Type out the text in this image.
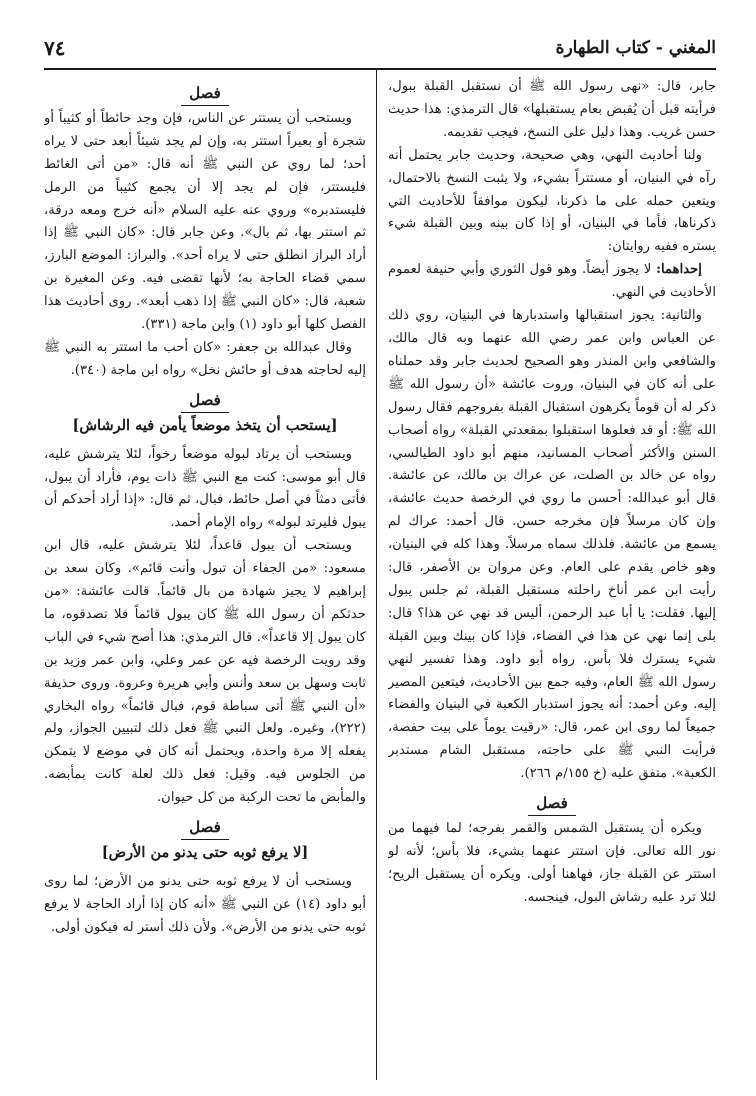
المغني - كتاب الطهارة
٧٤

جابر، قال: «نهى رسول الله ﷺ أن نستقبل القبلة ببول، فرأيته قبل أن يُقبض بعام يستقبلها» قال الترمذي: هذا حديث حسن غريب. وهذا دليل على النسخ، فيجب تقديمه.

ولنا أحاديث النهي، وهي صحيحة، وحديث جابر يحتمل أنه رآه في البنيان، أو مستتراً بشيء، ولا يثبت النسخ بالاحتمال، ويتعين حمله على ما ذكرنا، ليكون موافقاً للأحاديث التي ذكرناها، فأما في البنيان، أو إذا كان بينه وبين القبلة شيء يستره ففيه روايتان:

إحداهما: لا يجوز أيضاً. وهو قول الثوري وأبي حنيفة لعموم الأحاديث في النهي.

والثانية: يجوز استقبالها واستدبارها في البنيان، روي ذلك عن العباس وابن عمر رضي الله عنهما وبه قال مالك، والشافعي وابن المنذر وهو الصحيح لحديث جابر وقد حملناه على أنه كان في البنيان، وروت عائشة «أن رسول الله ﷺ ذكر له أن قوماً يكرهون استقبال القبلة بفروجهم فقال رسول الله ﷺ: أو قد فعلوها استقبلوا بمقعدتي القبلة» رواه أصحاب السنن والأكثر أصحاب المسانيد، منهم أبو داود الطيالسي، رواه عن خالد بن الصلت، عن عراك بن مالك، عن عائشة. قال أبو عبدالله: أحسن ما روي في الرخصة حديث عائشة، وإن كان مرسلاً فإن مخرجه حسن. قال أحمد: عراك لم يسمع من عائشة. فلذلك سماه مرسلاً. وهذا كله في البنيان، وهو خاص يقدم على العام. وعن مروان بن الأصفر، قال: رأيت ابن عمر أناخ راحلته مستقبل القبلة، ثم جلس يبول إليها. فقلت: يا أبا عبد الرحمن، أليس قد نهي عن هذا؟ قال: بلى إنما نهي عن هذا في الفضاء، فإذا كان بينك وبين القبلة شيء يسترك فلا بأس. رواه أبو داود. وهذا تفسير لنهي رسول الله ﷺ العام، وفيه جمع بين الأحاديث، فيتعين المصير إليه. وعن أحمد: أنه يجوز استدبار الكعبة في البنيان والفضاء جميعاً لما روى ابن عمر، قال: «رقيت يوماً على بيت حفصة، فرأيت النبي ﷺ على حاجته، مستقبل الشام مستدبر الكعبة». متفق عليه (خ ١٥٥/م ٢٦٦).

فصل

ويكره أن يستقبل الشمس والقمر بفرجه؛ لما فيهما من نور الله تعالى. فإن استتر عنهما بشيء، فلا بأس؛ لأنه لو استتر عن القبلة جاز، فهاهنا أولى. ويكره أن يستقبل الريح؛ لئلا ترد عليه رشاش البول، فينجسه.

فصل

ويستحب أن يستتر عن الناس، فإن وجد حائطاً أو كثيباً أو شجرة أو بعيراً استتر به، وإن لم يجد شيئاً أبعد حتى لا يراه أحد؛ لما روي عن النبي ﷺ أنه قال: «من أتى الغائط فليستتر، فإن لم يجد إلا أن يجمع كثيباً من الرمل فليستدبره» وروي عنه عليه السلام «أنه خرج ومعه درقة، ثم استتر بها، ثم بال». وعن جابر قال: «كان النبي ﷺ إذا أراد البراز انطلق حتى لا يراه أحد». والبراز: الموضع البارز، سمي قضاء الحاجة به؛ لأنها تقضى فيه. وعن المغيرة بن شعبة، قال: «كان النبي ﷺ إذا ذهب أبعد». روى أحاديث هذا الفصل كلها أبو داود (١) وابن ماجة (٣٣١).

وقال عبدالله بن جعفر: «كان أحب ما استتر به النبي ﷺ إليه لحاجته هدف أو حائش نخل» رواه ابن ماجة (٣٤٠).

فصل
[يستحب أن يتخذ موضعاً يأمن فيه الرشاش]

ويستحب أن يرتاد لبوله موضعاً رخواً، لئلا يترشش عليه، قال أبو موسى: كنت مع النبي ﷺ ذات يوم، فأراد أن يبول، فأتى دمثاً في أصل حائط، فبال، ثم قال: «إذا أراد أحدكم أن يبول فليرتد لبوله» رواه الإمام أحمد.

ويستحب أن يبول قاعداً، لئلا يترشش عليه، قال ابن مسعود: «من الجفاء أن تبول وأنت قائم». وكان سعد بن إبراهيم لا يجيز شهادة من بال قائماً. قالت عائشة: «من حدثكم أن رسول الله ﷺ كان يبول قائماً فلا تصدقوه، ما كان يبول إلا قاعداً». قال الترمذي: هذا أصح شيء في الباب وقد رويت الرخصة فيه عن عمر وعلي، وابن عمر وزيد بن ثابت وسهل بن سعد وأنس وأبي هريرة وعروة. وروى حذيفة «أن النبي ﷺ أتى سباطة قوم، فبال قائماً» رواه البخاري (٢٢٢)، وغيره. ولعل النبي ﷺ فعل ذلك لتبيين الجواز، ولم يفعله إلا مرة واحدة، ويحتمل أنه كان في موضع لا يتمكن من الجلوس فيه. وقيل: فعل ذلك لعلة كانت بمأبضه. والمأبض ما تحت الركبة من كل حيوان.

فصل
[لا يرفع ثوبه حتى يدنو من الأرض]

ويستحب أن لا يرفع ثوبه حتى يدنو من الأرض؛ لما روى أبو داود (١٤) عن النبي ﷺ «أنه كان إذا أراد الحاجة لا يرفع ثوبه حتى يدنو من الأرض». ولأن ذلك أستر له فيكون أولى.
